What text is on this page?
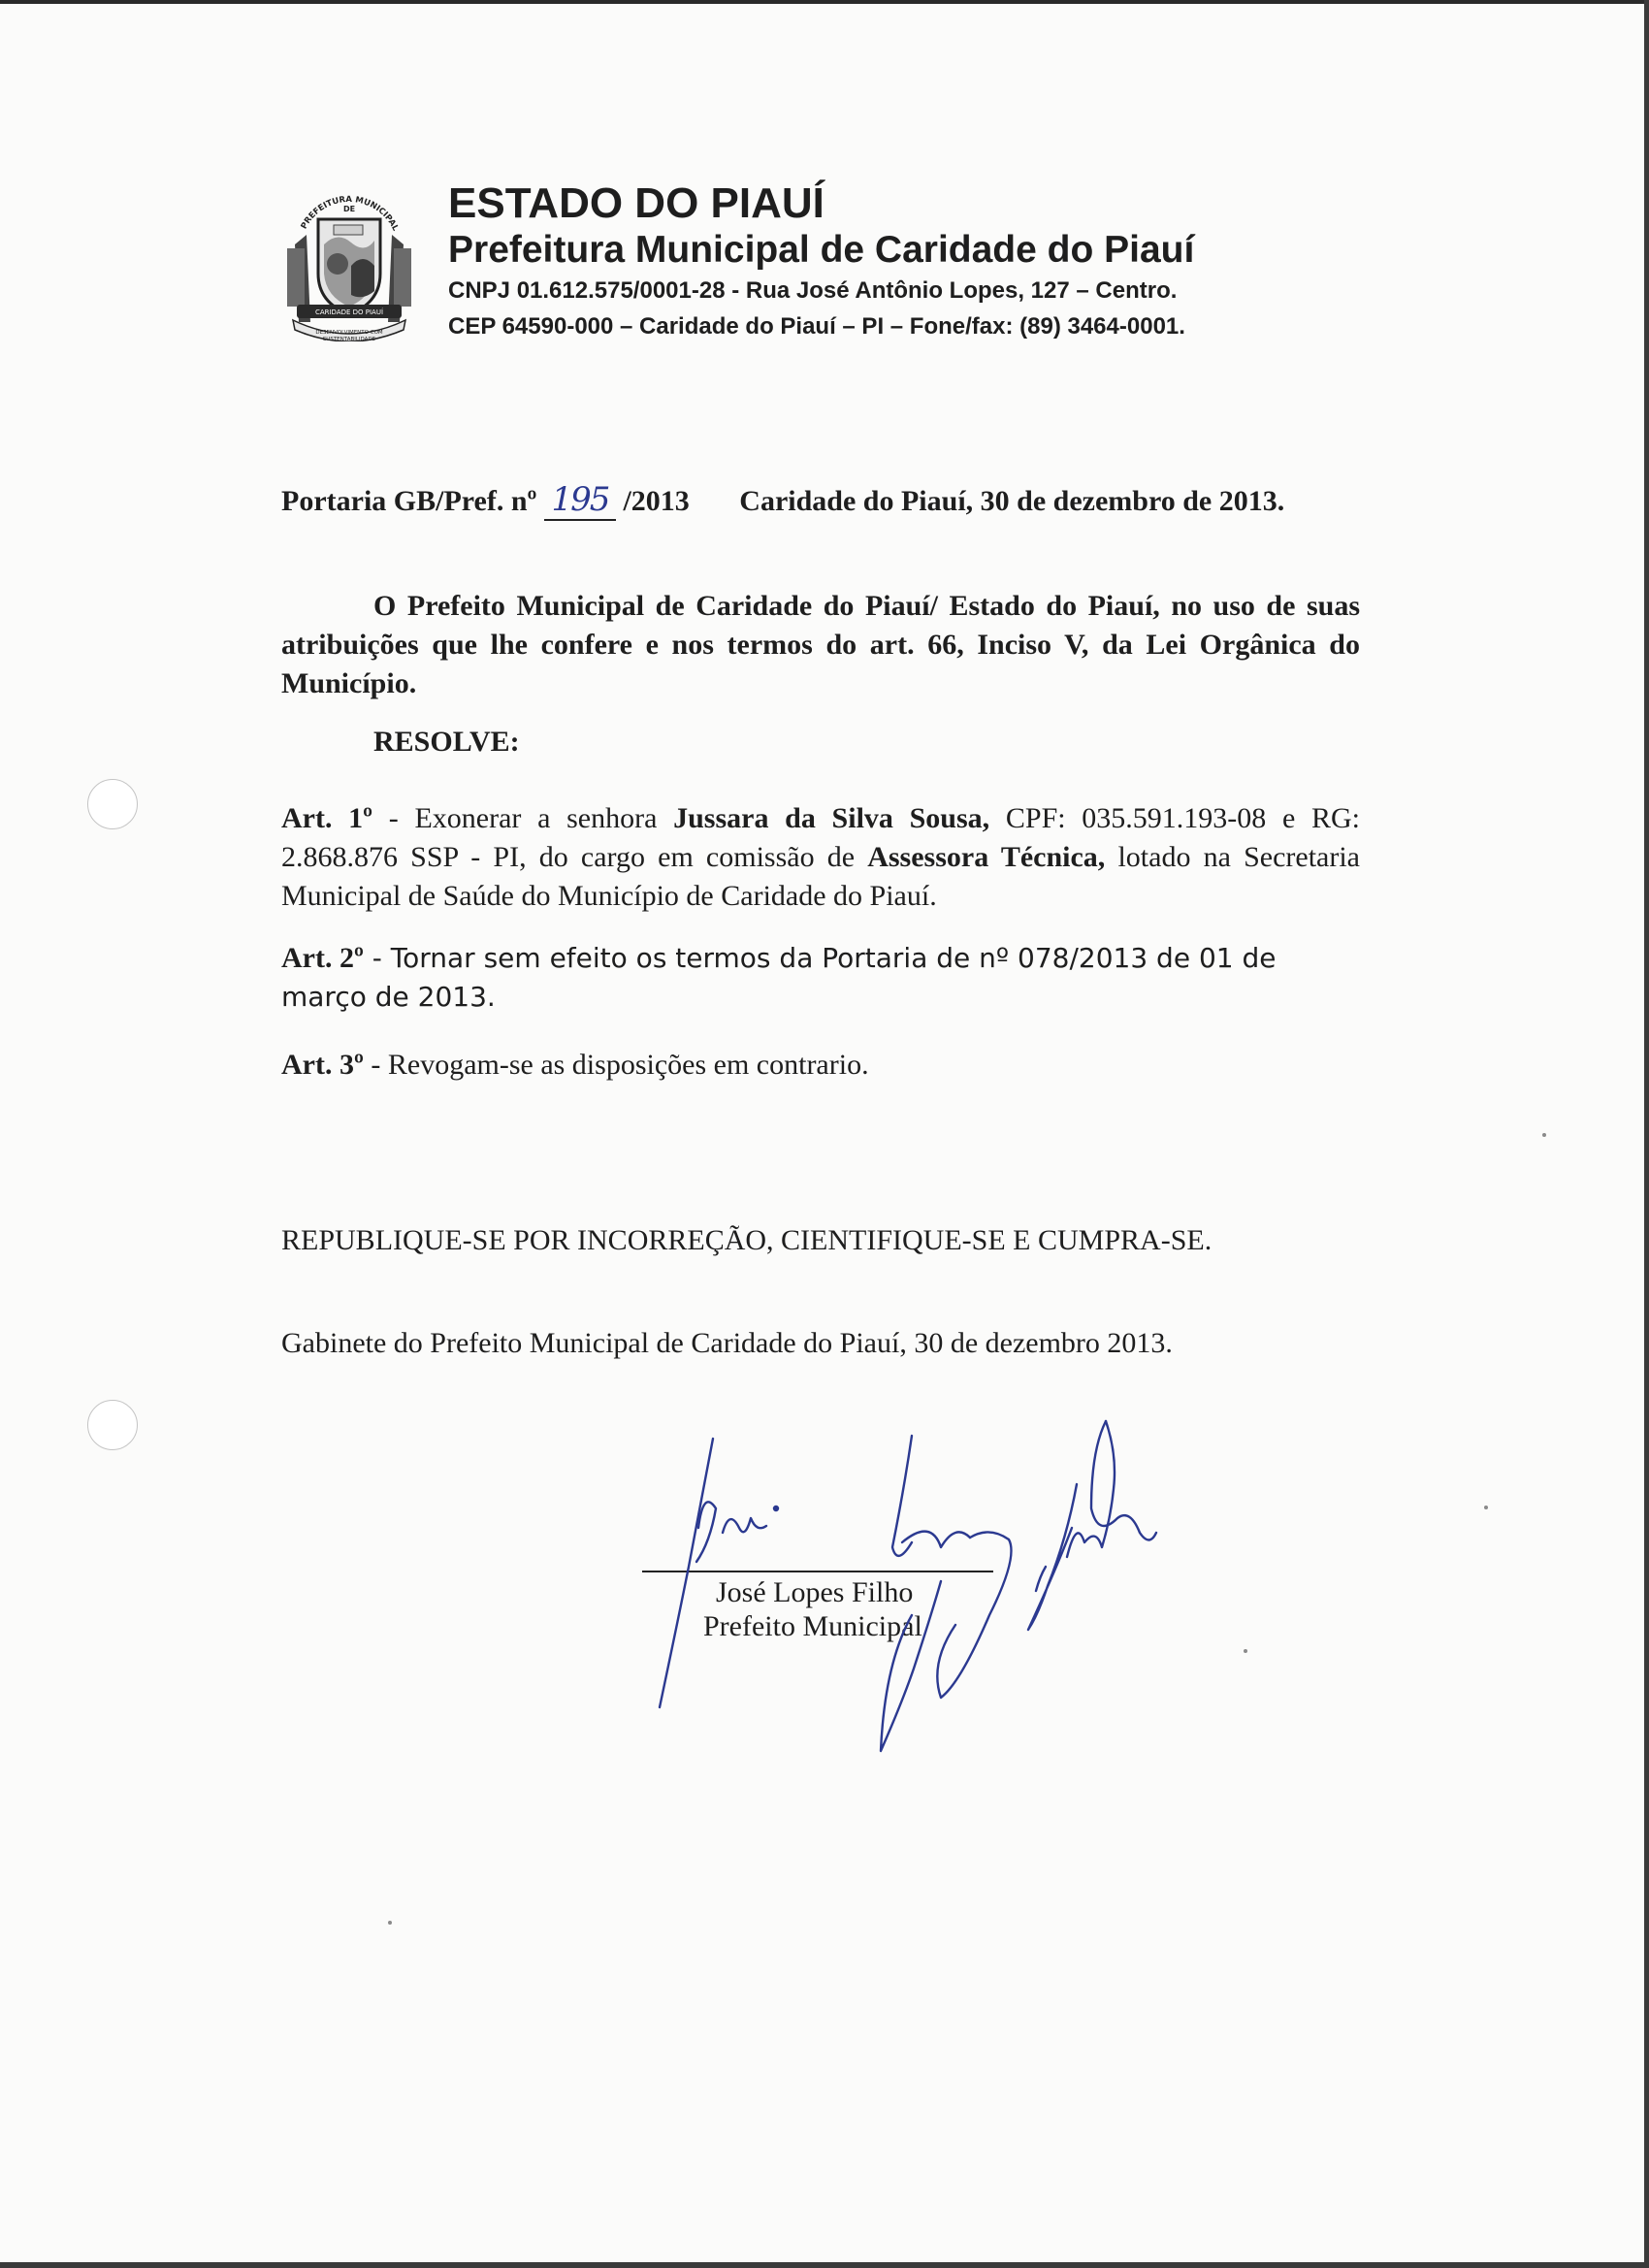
PREFEITURA MUNICIPAL
DE
CARIDADE DO PIAUÍ
DESENVOLVIMENTO COM
SUSTENTABILIDADE
ESTADO DO PIAUÍ
Prefeitura Municipal de Caridade do Piauí
CNPJ 01.612.575/0001-28 - Rua José Antônio Lopes, 127 – Centro.
CEP 64590-000 – Caridade do Piauí – PI – Fone/fax: (89) 3464-0001.
Portaria GB/Pref. nº 195 /2013 Caridade do Piauí, 30 de dezembro de 2013.

O Prefeito Municipal de Caridade do Piauí/ Estado do Piauí, no uso de suas atribuições que lhe confere e nos termos do art. 66, Inciso V, da Lei Orgânica do Município.

RESOLVE:

Art. 1º - Exonerar a senhora Jussara da Silva Sousa, CPF: 035.591.193-08 e RG: 2.868.876 SSP - PI, do cargo em comissão de Assessora Técnica, lotado na Secretaria Municipal de Saúde do Município de Caridade do Piauí.

Art. 2º - Tornar sem efeito os termos da Portaria de nº 078/2013 de 01 de março de 2013.

Art. 3º - Revogam-se as disposições em contrario.

REPUBLIQUE-SE POR INCORREÇÃO, CIENTIFIQUE-SE E CUMPRA-SE.
Gabinete do Prefeito Municipal de Caridade do Piauí, 30 de dezembro 2013.
José Lopes Filho
Prefeito Municipal
